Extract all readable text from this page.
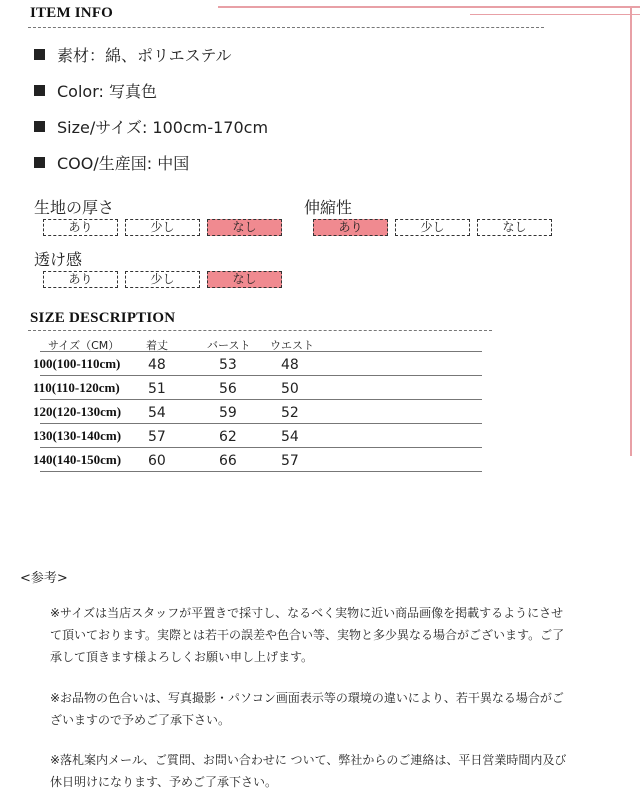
ITEM INFO
素材：綿、ポリエステル
Color: 写真色
Size/サイズ: 100cm-170cm
COO/生産国: 中国
生地の厚さ
あり	少し	なし
伸縮性
あり	少し	なし
透け感
あり	少し	なし
SIZE DESCRIPTION
サイズ（CM） 着丈	バースト ウエスト
100(100-110cm) 48	53	48
110(110-120cm) 51	56	50
120(120-130cm) 54	59	52
130(130-140cm) 57	62	54
140(140-150cm) 60	66	57
<参考>
※サイズは当店スタッフが平置きで採寸し、なるべく実物に近い商品画像を掲載するようにさせて頂いております。実際とは若干の誤差や色合い等、実物と多少異なる場合がございます。ご了承して頂きます様よろしくお願い申し上げます。
※お品物の色合いは、写真撮影・パソコン画面表示等の環境の違いにより、若干異なる場合がございますので予めご了承下さい。
※落札案内メール、ご質問、お問い合わせに ついて、弊社からのご連絡は、平日営業時間内及び休日明けになります、予めご了承下さい。
